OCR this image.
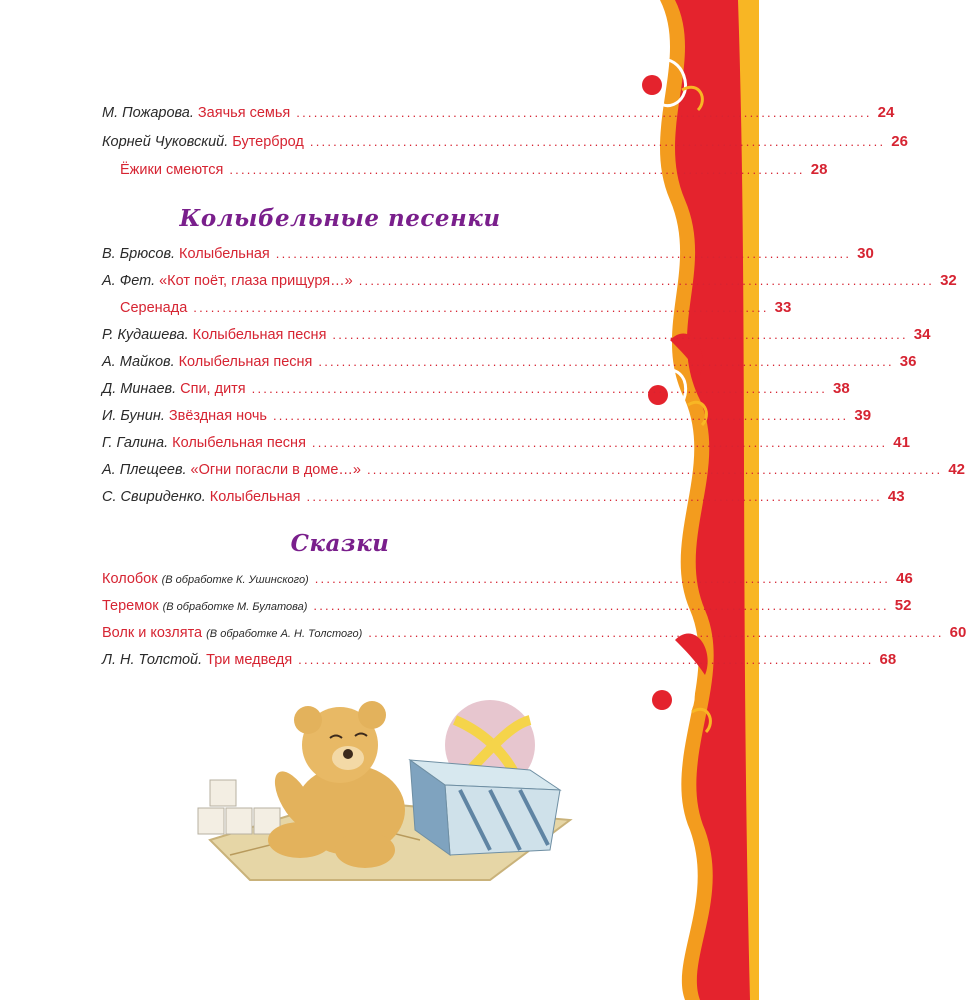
М. Пожарова. Заячья семья ................................................................................................... 24
Корней Чуковский. Бутерброд ................................................................................................... 26
Ёжики смеются ................................................................................................... 28
Колыбельные песенки
В. Брюсов. Колыбельная ................................................................................................... 30
А. Фет. «Кот поёт, глаза прищуря…» ................................................................................................... 32
Серенада ................................................................................................... 33
Р. Кудашева. Колыбельная песня ................................................................................................... 34
А. Майков. Колыбельная песня ................................................................................................... 36
Д. Минаев. Спи, дитя ................................................................................................... 38
И. Бунин. Звёздная ночь ................................................................................................... 39
Г. Галина. Колыбельная песня ................................................................................................... 41
А. Плещеев. «Огни погасли в доме…» ................................................................................................... 42
С. Свириденко. Колыбельная ................................................................................................... 43
Сказки
Колобок (В обработке К. Ушинского) ................................................................................................... 46
Теремок (В обработке М. Булатова) ................................................................................................... 52
Волк и козлята (В обработке А. Н. Толстого) ................................................................................................... 60
Л. Н. Толстой. Три медведя ................................................................................................... 68
